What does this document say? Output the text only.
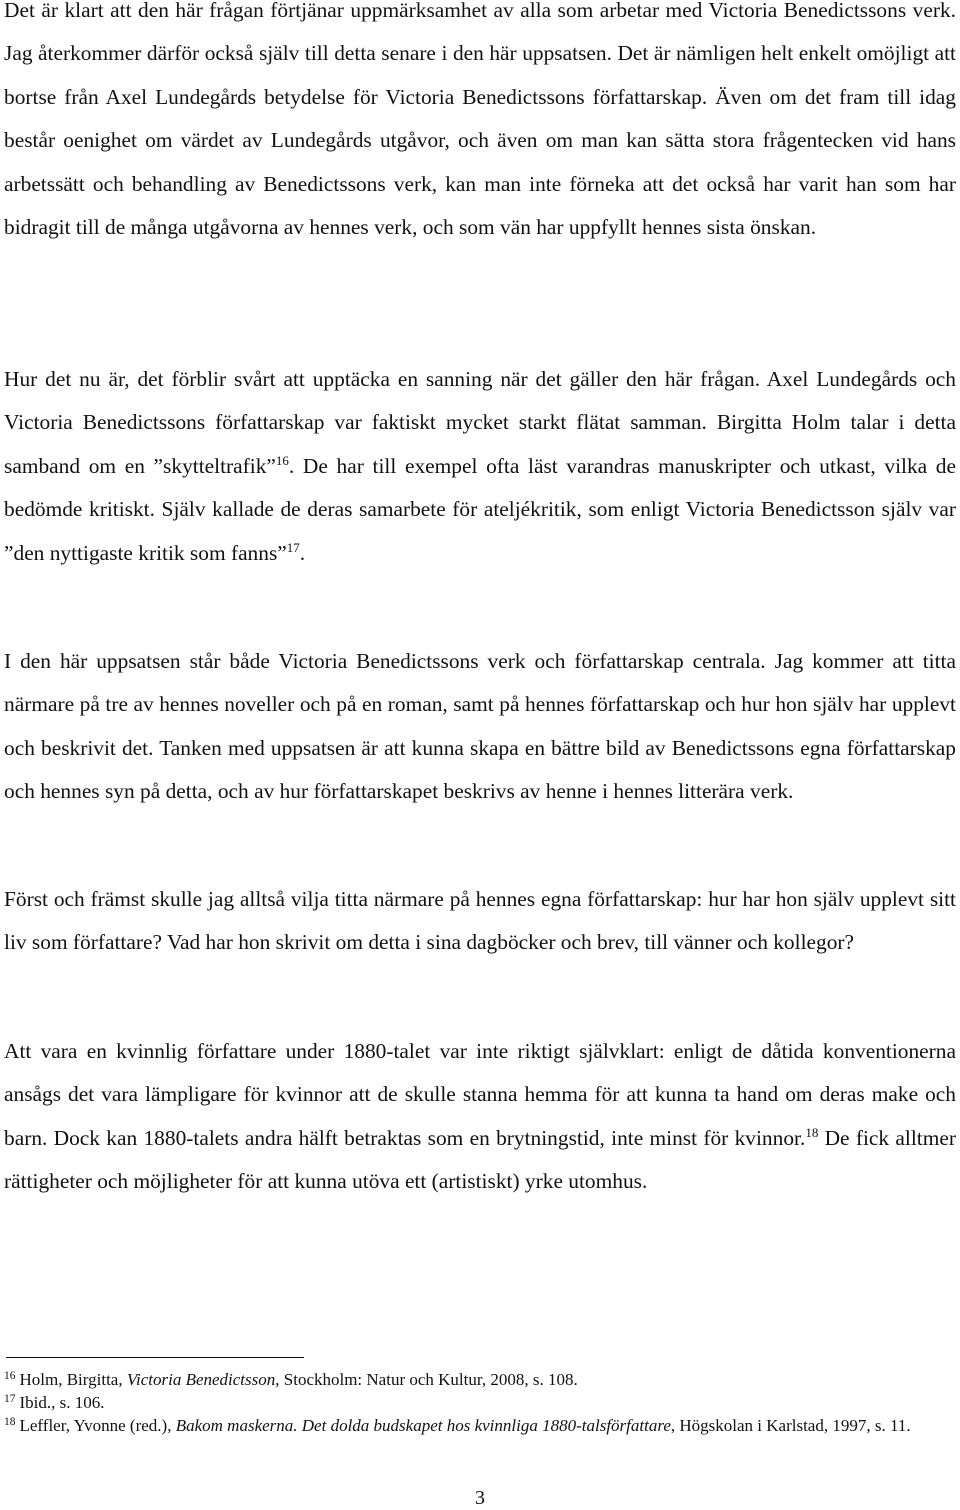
Det är klart att den här frågan förtjänar uppmärksamhet av alla som arbetar med Victoria Benedictssons verk. Jag återkommer därför också själv till detta senare i den här uppsatsen. Det är nämligen helt enkelt omöjligt att bortse från Axel Lundegårds betydelse för Victoria Benedictssons författarskap. Även om det fram till idag består oenighet om värdet av Lundegårds utgåvor, och även om man kan sätta stora frågentecken vid hans arbetssätt och behandling av Benedictssons verk, kan man inte förneka att det också har varit han som har bidragit till de många utgåvorna av hennes verk, och som vän har uppfyllt hennes sista önskan.

Hur det nu är, det förblir svårt att upptäcka en sanning när det gäller den här frågan. Axel Lundegårds och Victoria Benedictssons författarskap var faktiskt mycket starkt flätat samman. Birgitta Holm talar i detta samband om en ”skytteltrafik”$^{16}$. De har till exempel ofta läst varandras manuskripter och utkast, vilka de bedömde kritiskt. Själv kallade de deras samarbete för ateljékritik, som enligt Victoria Benedictsson själv var ”den nyttigaste kritik som fanns”$^{17}$.

I den här uppsatsen står både Victoria Benedictssons verk och författarskap centrala. Jag kommer att titta närmare på tre av hennes noveller och på en roman, samt på hennes författarskap och hur hon själv har upplevt och beskrivit det. Tanken med uppsatsen är att kunna skapa en bättre bild av Benedictssons egna författarskap och hennes syn på detta, och av hur författarskapet beskrivs av henne i hennes litterära verk.

Först och främst skulle jag alltså vilja titta närmare på hennes egna författarskap: hur har hon själv upplevt sitt liv som författare? Vad har hon skrivit om detta i sina dagböcker och brev, till vänner och kollegor?

Att vara en kvinnlig författare under 1880-talet var inte riktigt självklart: enligt de dåtida konventionerna ansågs det vara lämpligare för kvinnor att de skulle stanna hemma för att kunna ta hand om deras make och barn. Dock kan 1880-talets andra hälft betraktas som en brytningstid, inte minst för kvinnor.$^{18}$ De fick alltmer rättigheter och möjligheter för att kunna utöva ett (artistiskt) yrke utomhus.

$^{16}$ Holm, Birgitta, Victoria Benedictsson, Stockholm: Natur och Kultur, 2008, s. 108.

$^{17}$ Ibid., s. 106.

$^{18}$ Leffler, Yvonne (red.), Bakom maskerna. Det dolda budskapet hos kvinnliga 1880-talsförfattare, Högskolan i Karlstad, 1997, s. 11.

3
